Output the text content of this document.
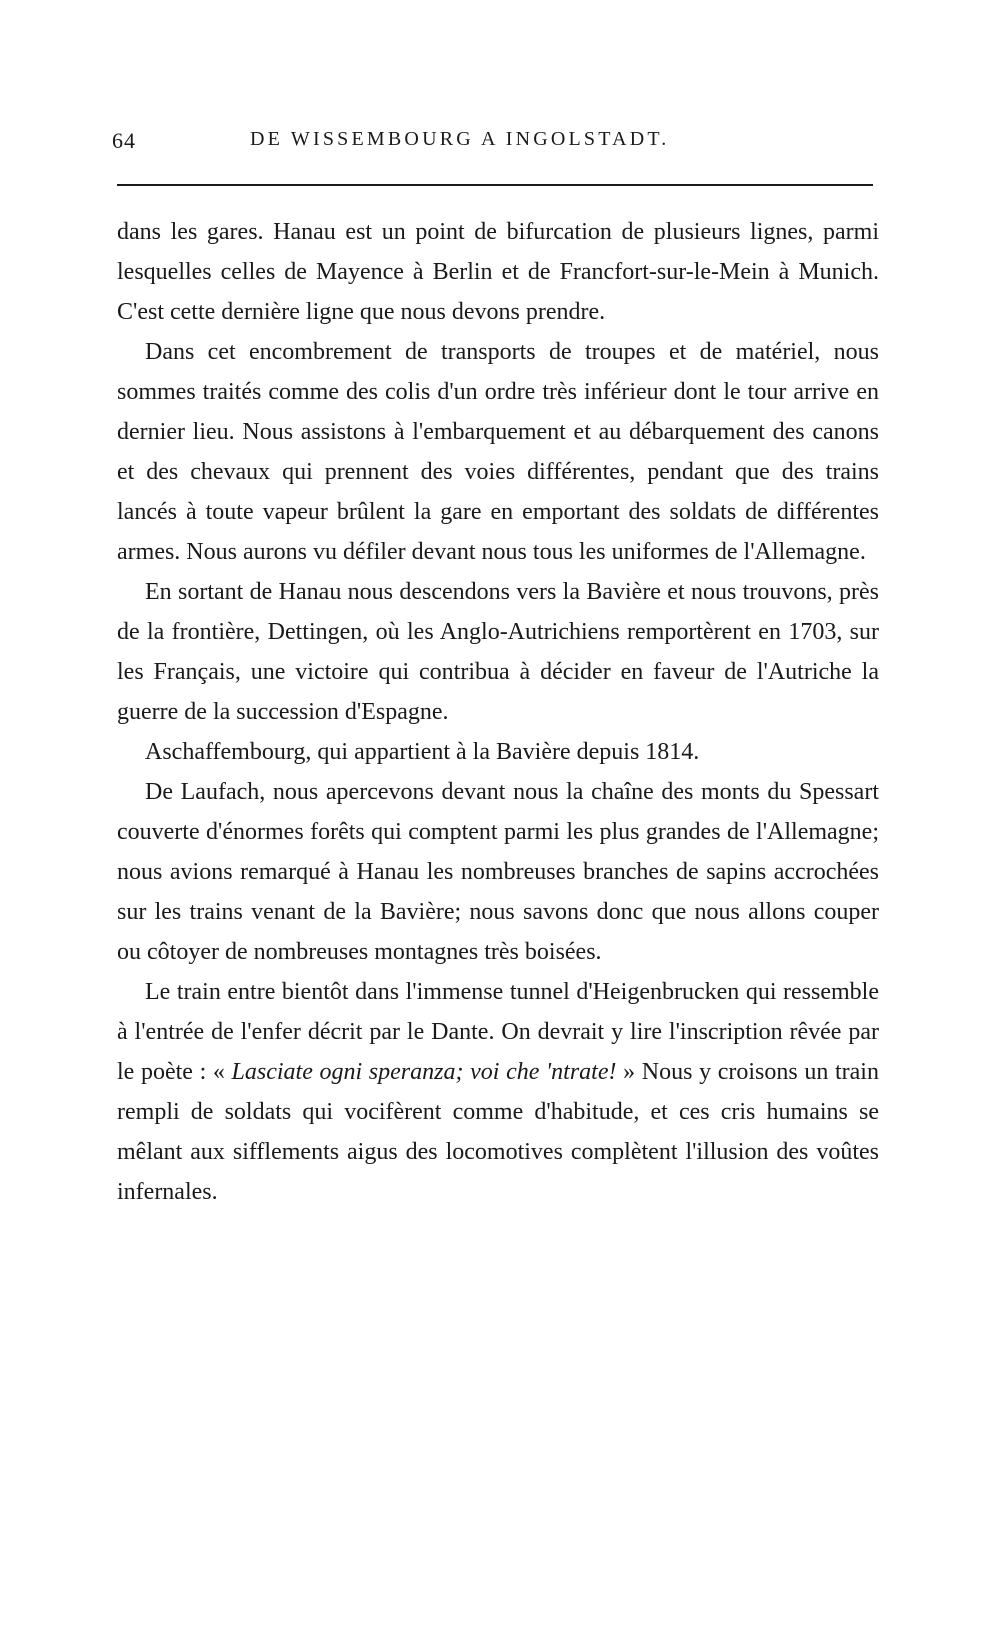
64	DE WISSEMBOURG A INGOLSTADT.

dans les gares. Hanau est un point de bifurcation de plusieurs lignes, parmi lesquelles celles de Mayence à Berlin et de Francfort-sur-le-Mein à Munich. C'est cette dernière ligne que nous devons prendre.

Dans cet encombrement de transports de troupes et de matériel, nous sommes traités comme des colis d'un ordre très inférieur dont le tour arrive en dernier lieu. Nous assistons à l'embarquement et au débarquement des canons et des chevaux qui prennent des voies différentes, pendant que des trains lancés à toute vapeur brûlent la gare en emportant des soldats de différentes armes. Nous aurons vu défiler devant nous tous les uniformes de l'Allemagne.

En sortant de Hanau nous descendons vers la Bavière et nous trouvons, près de la frontière, Dettingen, où les Anglo-Autrichiens remportèrent en 1703, sur les Français, une victoire qui contribua à décider en faveur de l'Autriche la guerre de la succession d'Espagne.

Aschaffembourg, qui appartient à la Bavière depuis 1814.

De Laufach, nous apercevons devant nous la chaîne des monts du Spessart couverte d'énormes forêts qui comptent parmi les plus grandes de l'Allemagne; nous avions remarqué à Hanau les nombreuses branches de sapins accrochées sur les trains venant de la Bavière; nous savons donc que nous allons couper ou côtoyer de nombreuses montagnes très boisées.

Le train entre bientôt dans l'immense tunnel d'Heigenbrucken qui ressemble à l'entrée de l'enfer décrit par le Dante. On devrait y lire l'inscription rêvée par le poète : « Lasciate ogni speranza; voi che 'ntrate! » Nous y croisons un train rempli de soldats qui vocifèrent comme d'habitude, et ces cris humains se mêlant aux sifflements aigus des locomotives complètent l'illusion des voûtes infernales.
